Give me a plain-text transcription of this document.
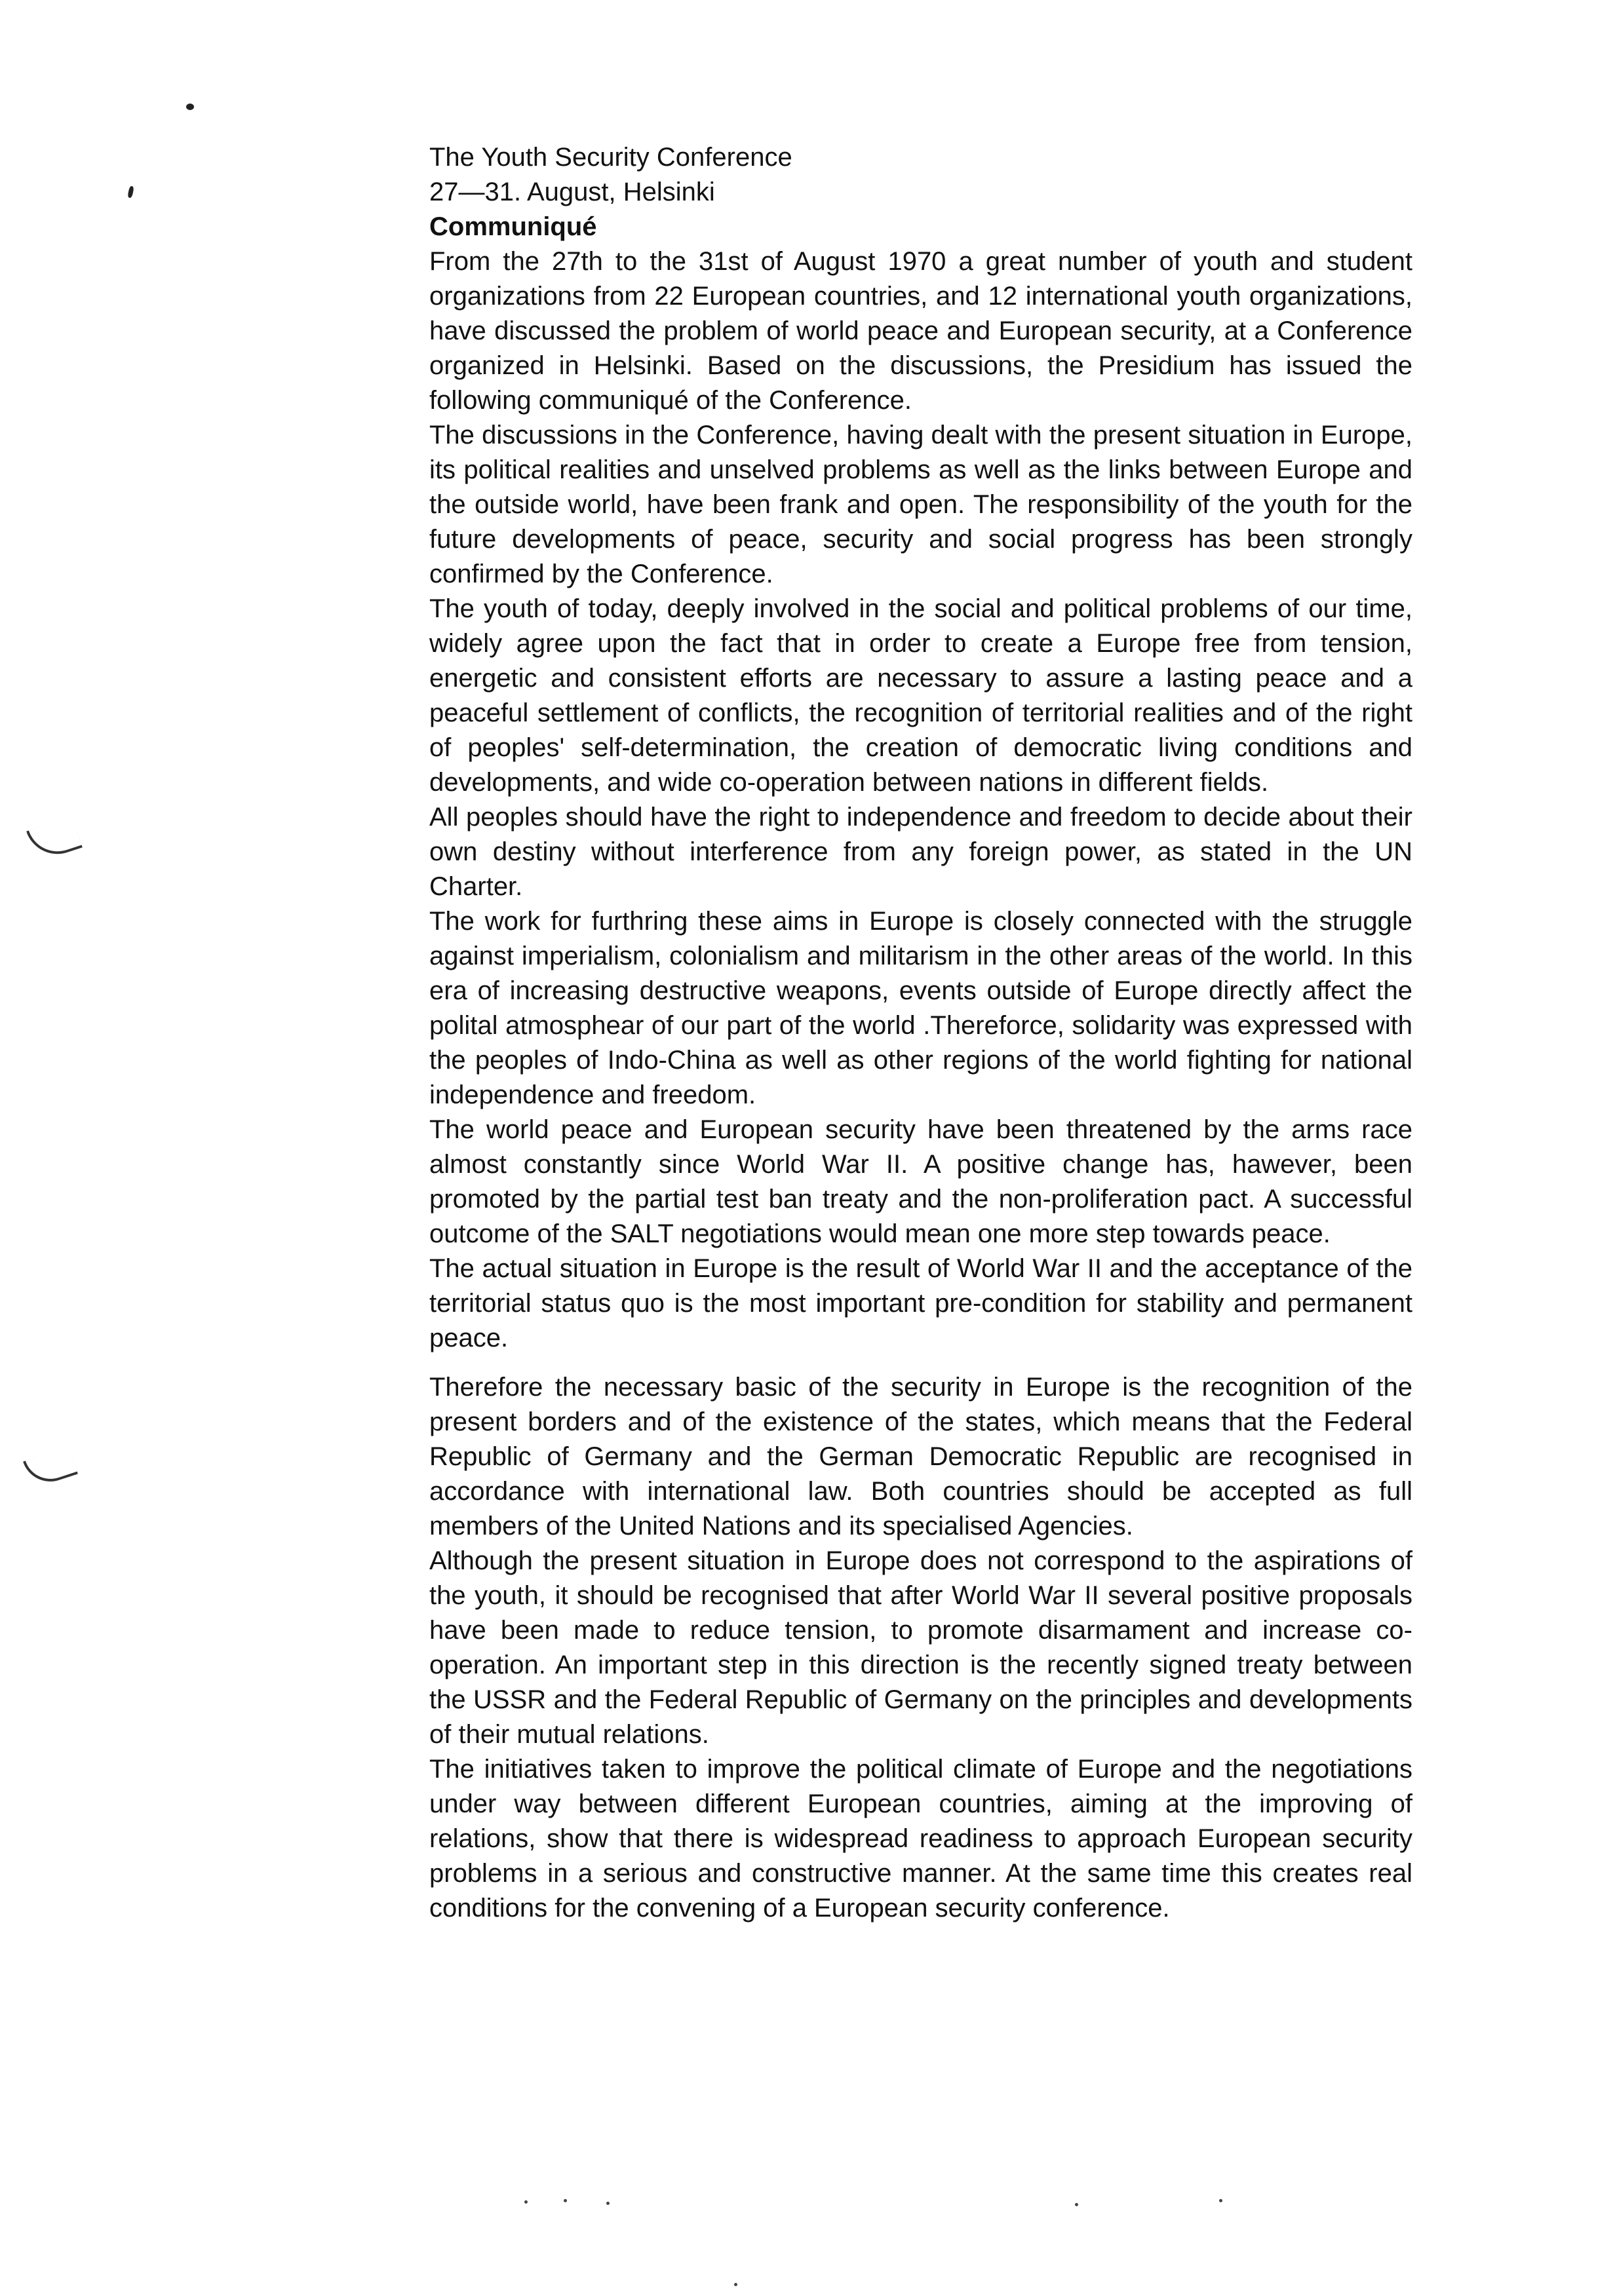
The Youth Security Conference

27—31. August, Helsinki

Communiqué

From the 27th to the 31st of August 1970 a great number of youth and student organizations from 22 European countries, and 12 international youth organizations, have discussed the problem of world peace and European security, at a Conference organized in Helsinki. Based on the discussions, the Presidium has issued the following communiqué of the Conference.

The discussions in the Conference, having dealt with the present situation in Europe, its political realities and unselved problems as well as the links between Europe and the outside world, have been frank and open. The responsibility of the youth for the future developments of peace, security and social progress has been strongly confirmed by the Conference.

The youth of today, deeply involved in the social and political problems of our time, widely agree upon the fact that in order to create a Europe free from tension, energetic and consistent efforts are necessary to assure a lasting peace and a peaceful settlement of conflicts, the recognition of territorial realities and of the right of peoples' self-determination, the creation of democratic living conditions and developments, and wide co-operation between nations in different fields.

All peoples should have the right to independence and freedom to decide about their own destiny without interference from any foreign power, as stated in the UN Charter.

The work for furthring these aims in Europe is closely connected with the struggle against imperialism, colonialism and militarism in the other areas of the world. In this era of increasing destructive weapons, events outside of Europe directly affect the polital atmosphear of our part of the world .Thereforce, solidarity was expressed with the peoples of Indo-China as well as other regions of the world fighting for national independence and freedom.

The world peace and European security have been threatened by the arms race almost constantly since World War II. A positive change has, hawever, been promoted by the partial test ban treaty and the non-proliferation pact. A successful outcome of the SALT negotiations would mean one more step towards peace.

The actual situation in Europe is the result of World War II and the acceptance of the territorial status quo is the most important pre-condition for stability and permanent peace.

Therefore the necessary basic of the security in Europe is the recognition of the present borders and of the existence of the states, which means that the Federal Republic of Germany and the German Democratic Republic are recognised in accordance with international law. Both countries should be accepted as full members of the United Nations and its specialised Agencies.

Although the present situation in Europe does not correspond to the aspirations of the youth, it should be recognised that after World War II several positive proposals have been made to reduce tension, to promote disarmament and increase co-operation. An important step in this direction is the recently signed treaty between the USSR and the Federal Republic of Germany on the principles and developments of their mutual relations.

The initiatives taken to improve the political climate of Europe and the negotiations under way between different European countries, aiming at the improving of relations, show that there is widespread readiness to approach European security problems in a serious and constructive manner. At the same time this creates real conditions for the convening of a European security conference.
